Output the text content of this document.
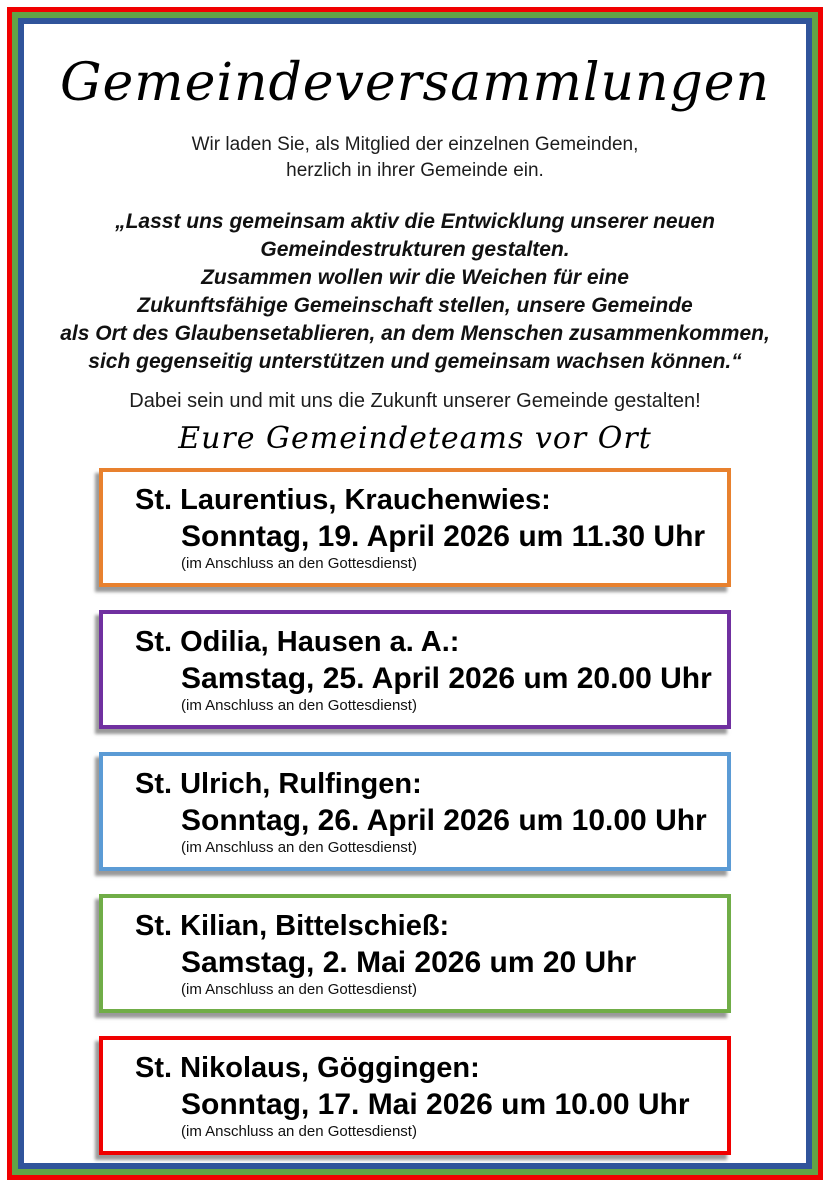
Gemeindeversammlungen
Wir laden Sie, als Mitglied der einzelnen Gemeinden,
herzlich in ihrer Gemeinde ein.
„Lasst uns gemeinsam aktiv die Entwicklung unserer neuen
Gemeindestrukturen gestalten.
Zusammen wollen wir die Weichen für eine
Zukunftsfähige Gemeinschaft stellen, unsere Gemeinde
als Ort des Glaubensetablieren, an dem Menschen zusammenkommen,
sich gegenseitig unterstützen und gemeinsam wachsen können.“
Dabei sein und mit uns die Zukunft unserer Gemeinde gestalten!
Eure Gemeindeteams vor Ort
St. Laurentius, Krauchenwies:
Sonntag, 19. April 2026 um 11.30 Uhr
(im Anschluss an den Gottesdienst)
St. Odilia, Hausen a. A.:
Samstag, 25. April 2026 um 20.00 Uhr
(im Anschluss an den Gottesdienst)
St. Ulrich, Rulfingen:
Sonntag, 26. April 2026 um 10.00 Uhr
(im Anschluss an den Gottesdienst)
St. Kilian, Bittelschieß:
Samstag, 2. Mai 2026 um 20 Uhr
(im Anschluss an den Gottesdienst)
St. Nikolaus, Göggingen:
Sonntag, 17. Mai 2026 um 10.00 Uhr
(im Anschluss an den Gottesdienst)
